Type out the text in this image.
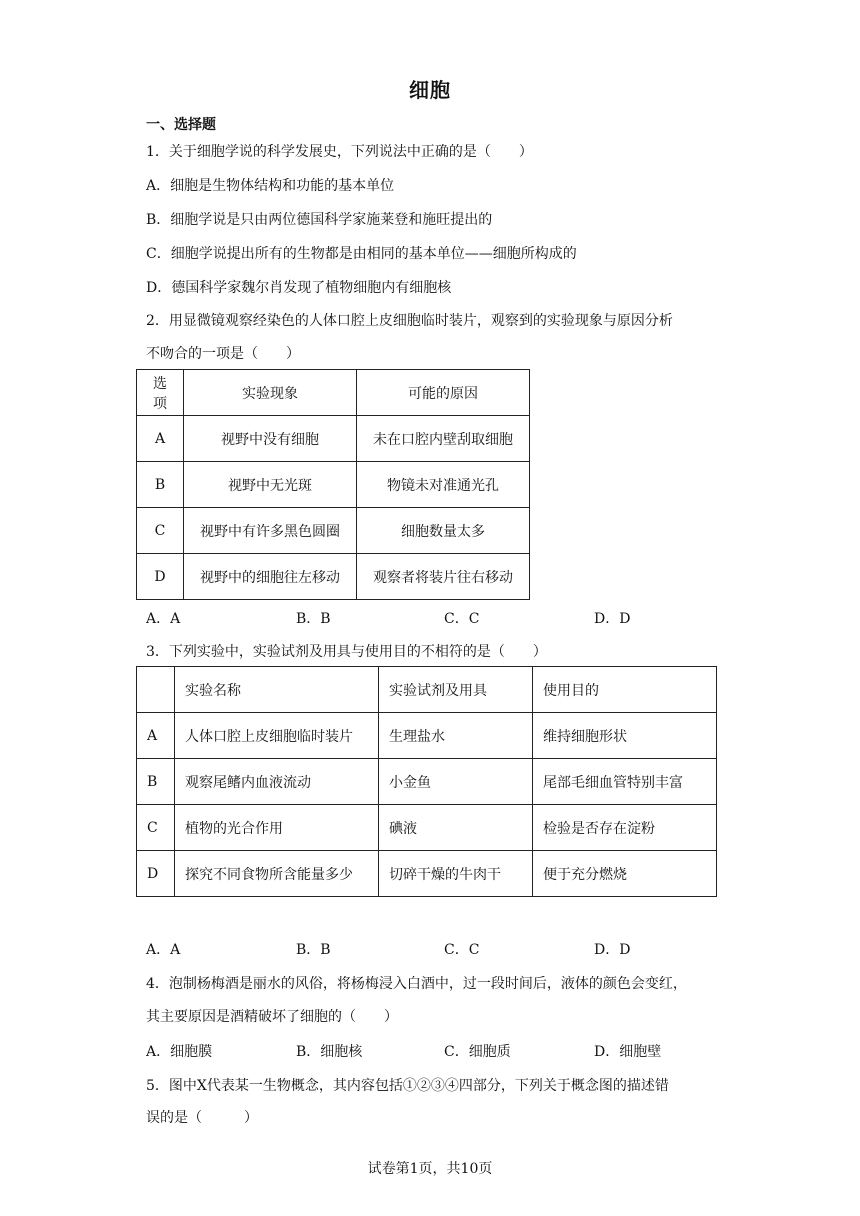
细胞
一、选择题
1．关于细胞学说的科学发展史，下列说法中正确的是（　　）
A．细胞是生物体结构和功能的基本单位
B．细胞学说是只由两位德国科学家施莱登和施旺提出的
C．细胞学说提出所有的生物都是由相同的基本单位——细胞所构成的
D．德国科学家魏尔肖发现了植物细胞内有细胞核
2．用显微镜观察经染色的人体口腔上皮细胞临时装片，观察到的实验现象与原因分析
不吻合的一项是（　　）
选项	实验现象	可能的原因
A	视野中没有细胞	未在口腔内壁刮取细胞
B	视野中无光斑	物镜未对准通光孔
C	视野中有许多黑色圆圈	细胞数量太多
D	视野中的细胞往左移动	观察者将装片往右移动
A．A	B．B	C．C	D．D
3．下列实验中，实验试剂及用具与使用目的不相符的是（　　）
	实验名称	实验试剂及用具	使用目的
A	人体口腔上皮细胞临时装片	生理盐水	维持细胞形状
B	观察尾鳍内血液流动	小金鱼	尾部毛细血管特别丰富
C	植物的光合作用	碘液	检验是否存在淀粉
D	探究不同食物所含能量多少	切碎干燥的牛肉干	便于充分燃烧
A．A	B．B	C．C	D．D
4．泡制杨梅酒是丽水的风俗，将杨梅浸入白酒中，过一段时间后，液体的颜色会变红，
其主要原因是酒精破坏了细胞的（　　）
A．细胞膜	B．细胞核	C．细胞质	D．细胞壁
5．图中X代表某一生物概念，其内容包括①②③④四部分，下列关于概念图的描述错
误的是（　　　）
试卷第1页，共10页
